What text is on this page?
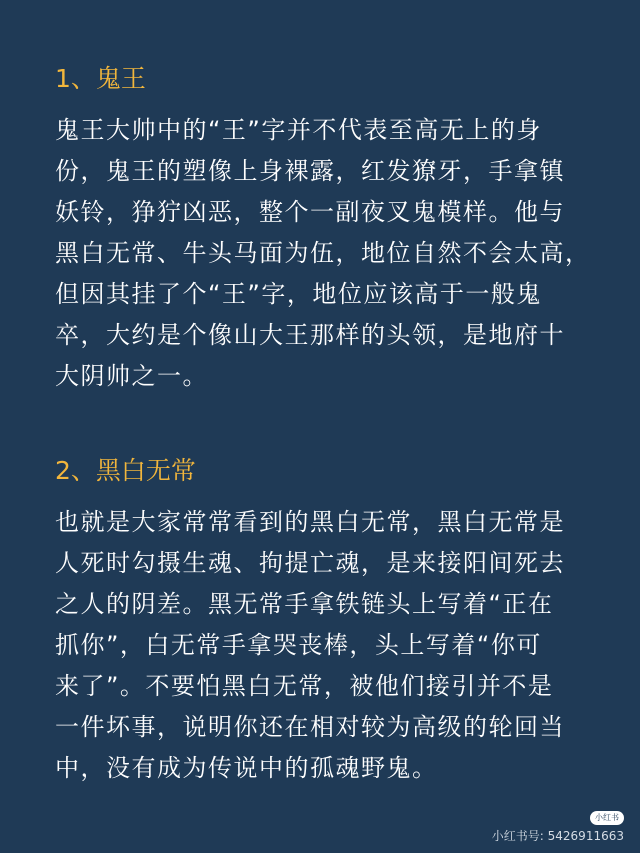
1、鬼王
鬼王大帅中的“王”字并不代表至高无上的身
份，鬼王的塑像上身裸露，红发獠牙，手拿镇
妖铃，狰狞凶恶，整个一副夜叉鬼模样。他与
黑白无常、牛头马面为伍，地位自然不会太高，
但因其挂了个“王”字，地位应该高于一般鬼
卒，大约是个像山大王那样的头领，是地府十
大阴帅之一。
2、黑白无常
也就是大家常常看到的黑白无常，黑白无常是
人死时勾摄生魂、拘提亡魂，是来接阳间死去
之人的阴差。黑无常手拿铁链头上写着“正在
抓你”，白无常手拿哭丧棒，头上写着“你可
来了”。不要怕黑白无常，被他们接引并不是
一件坏事，说明你还在相对较为高级的轮回当
中，没有成为传说中的孤魂野鬼。
小红书
小红书号: 5426911663
